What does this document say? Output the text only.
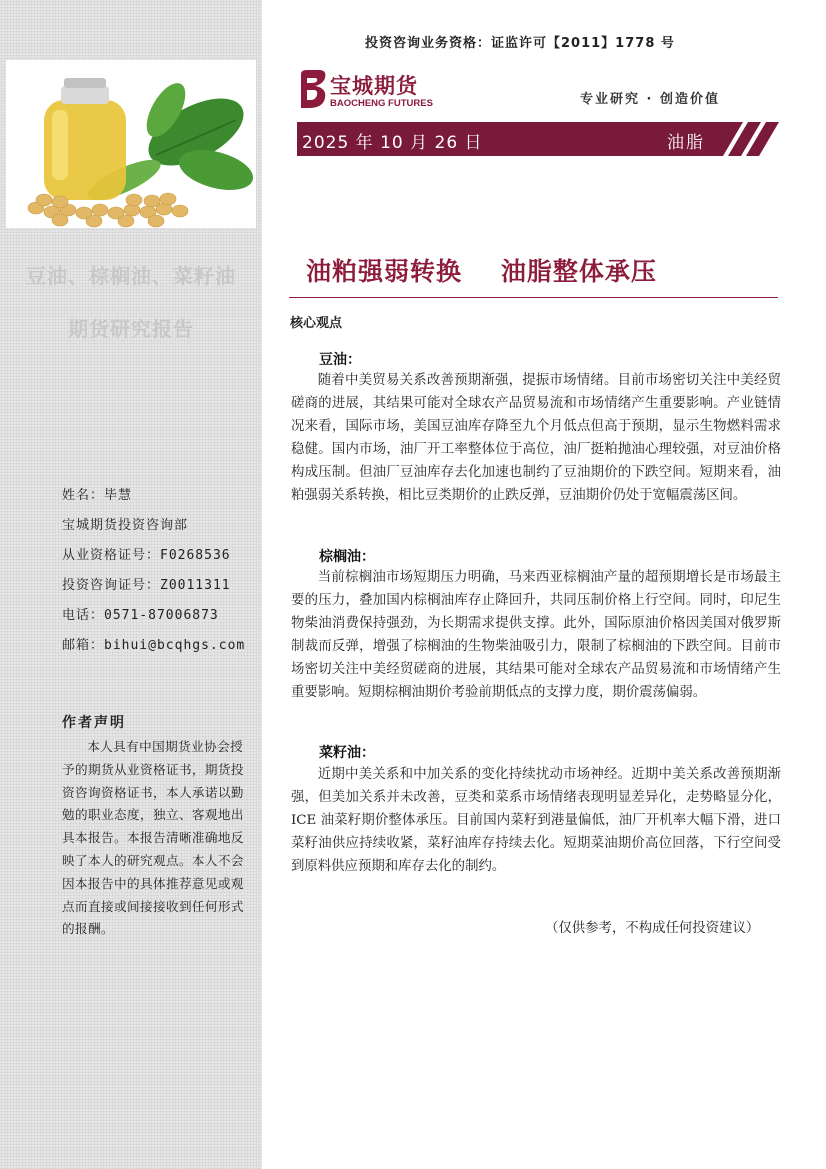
豆油、棕榈油、菜籽油
期货研究报告
姓名：毕慧
宝城期货投资咨询部
从业资格证号：F0268536
投资咨询证号：Z0011311
电话：0571-87006873
邮箱：bihui@bcqhgs.com
作者声明
本人具有中国期货业协会授予的期货从业资格证书，期货投资咨询资格证书，本人承诺以勤勉的职业态度，独立、客观地出具本报告。本报告清晰准确地反映了本人的研究观点。本人不会因本报告中的具体推荐意见或观点而直接或间接接收到任何形式的报酬。
投资咨询业务资格：证监许可【2011】1778 号
宝城期货
BAOCHENG FUTURES	专业研究 · 创造价值
2025 年 10 月 26 日	油脂
油粕强弱转换    油脂整体承压
核心观点
豆油：
随着中美贸易关系改善预期渐强，提振市场情绪。目前市场密切关注中美经贸磋商的进展，其结果可能对全球农产品贸易流和市场情绪产生重要影响。产业链情况来看，国际市场，美国豆油库存降至九个月低点但高于预期，显示生物燃料需求稳健。国内市场，油厂开工率整体位于高位，油厂挺粕抛油心理较强，对豆油价格构成压制。但油厂豆油库存去化加速也制约了豆油期价的下跌空间。短期来看，油粕强弱关系转换，相比豆类期价的止跌反弹，豆油期价仍处于宽幅震荡区间。
棕榈油：
当前棕榈油市场短期压力明确，马来西亚棕榈油产量的超预期增长是市场最主要的压力，叠加国内棕榈油库存止降回升，共同压制价格上行空间。同时，印尼生物柴油消费保持强劲，为长期需求提供支撑。此外，国际原油价格因美国对俄罗斯制裁而反弹，增强了棕榈油的生物柴油吸引力，限制了棕榈油的下跌空间。目前市场密切关注中美经贸磋商的进展，其结果可能对全球农产品贸易流和市场情绪产生重要影响。短期棕榈油期价考验前期低点的支撑力度，期价震荡偏弱。
菜籽油：
近期中美关系和中加关系的变化持续扰动市场神经。近期中美关系改善预期渐强，但美加关系并未改善，豆类和菜系市场情绪表现明显差异化，走势略显分化，ICE 油菜籽期价整体承压。目前国内菜籽到港量偏低，油厂开机率大幅下滑，进口菜籽油供应持续收紧，菜籽油库存持续去化。短期菜油期价高位回落，下行空间受到原料供应预期和库存去化的制约。
（仅供参考，不构成任何投资建议）
